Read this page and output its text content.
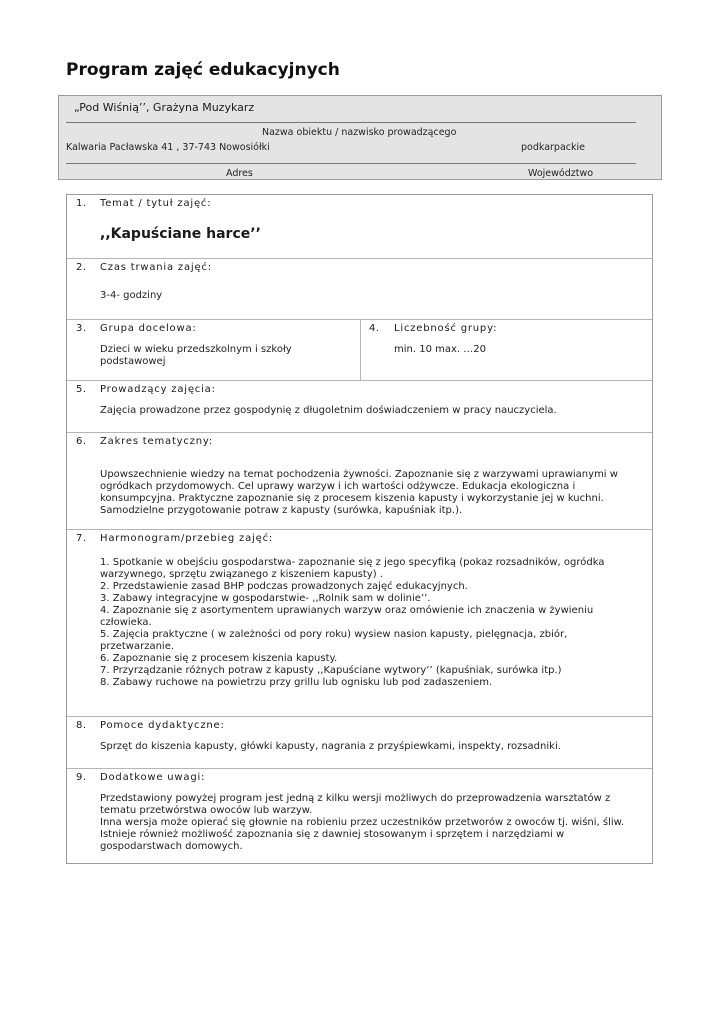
Program zajęć edukacyjnych
„Pod Wiśnią’’, Grażyna Muzykarz
Nazwa obiektu / nazwisko prowadzącego
Kalwaria Pacławska 41 , 37-743 Nowosiółki	podkarpackie
Adres	Województwo
1. Temat / tytuł zajęć:
,,Kapuściane harce’’
2. Czas trwania zajęć:
3-4- godziny
3. Grupa docelowa:

Dzieci w wieku przedszkolnym i szkoły

podstawowej

4. Liczebność grupy:
min. 10 max. …20
5. Prowadzący zajęcia:
Zajęcia prowadzone przez gospodynię z długoletnim doświadczeniem w pracy nauczyciela.
6. Zakres tematyczny:

Upowszechnienie wiedzy na temat pochodzenia żywności. Zapoznanie się z warzywami uprawianymi w

ogródkach przydomowych. Cel uprawy warzyw i ich wartości odżywcze. Edukacja ekologiczna i

konsumpcyjna. Praktyczne zapoznanie się z procesem kiszenia kapusty i wykorzystanie jej w kuchni.

Samodzielne przygotowanie potraw z kapusty (surówka, kapuśniak itp.).

7. Harmonogram/przebieg zajęć:

1. Spotkanie w obejściu gospodarstwa- zapoznanie się z jego specyfiką (pokaz rozsadników, ogródka

warzywnego, sprzętu związanego z kiszeniem kapusty) .

2. Przedstawienie zasad BHP podczas prowadzonych zajęć edukacyjnych.

3. Zabawy integracyjne w gospodarstwie- ,,Rolnik sam w dolinie’’.

4. Zapoznanie się z asortymentem uprawianych warzyw oraz omówienie ich znaczenia w żywieniu

człowieka.

5. Zajęcia praktyczne ( w zależności od pory roku) wysiew nasion kapusty, pielęgnacja, zbiór,

przetwarzanie.

6. Zapoznanie się z procesem kiszenia kapusty.

7. Przyrządzanie różnych potraw z kapusty ,,Kapuściane wytwory’’ (kapuśniak, surówka itp.)

8. Zabawy ruchowe na powietrzu przy grillu lub ognisku lub pod zadaszeniem.

8. Pomoce dydaktyczne:
Sprzęt do kiszenia kapusty, główki kapusty, nagrania z przyśpiewkami, inspekty, rozsadniki.
9. Dodatkowe uwagi:

Przedstawiony powyżej program jest jedną z kilku wersji możliwych do przeprowadzenia warsztatów z

tematu przetwórstwa owoców lub warzyw.

Inna wersja może opierać się głownie na robieniu przez uczestników przetworów z owoców tj. wiśni, śliw.

Istnieje również możliwość zapoznania się z dawniej stosowanym i sprzętem i narzędziami w

gospodarstwach domowych.
